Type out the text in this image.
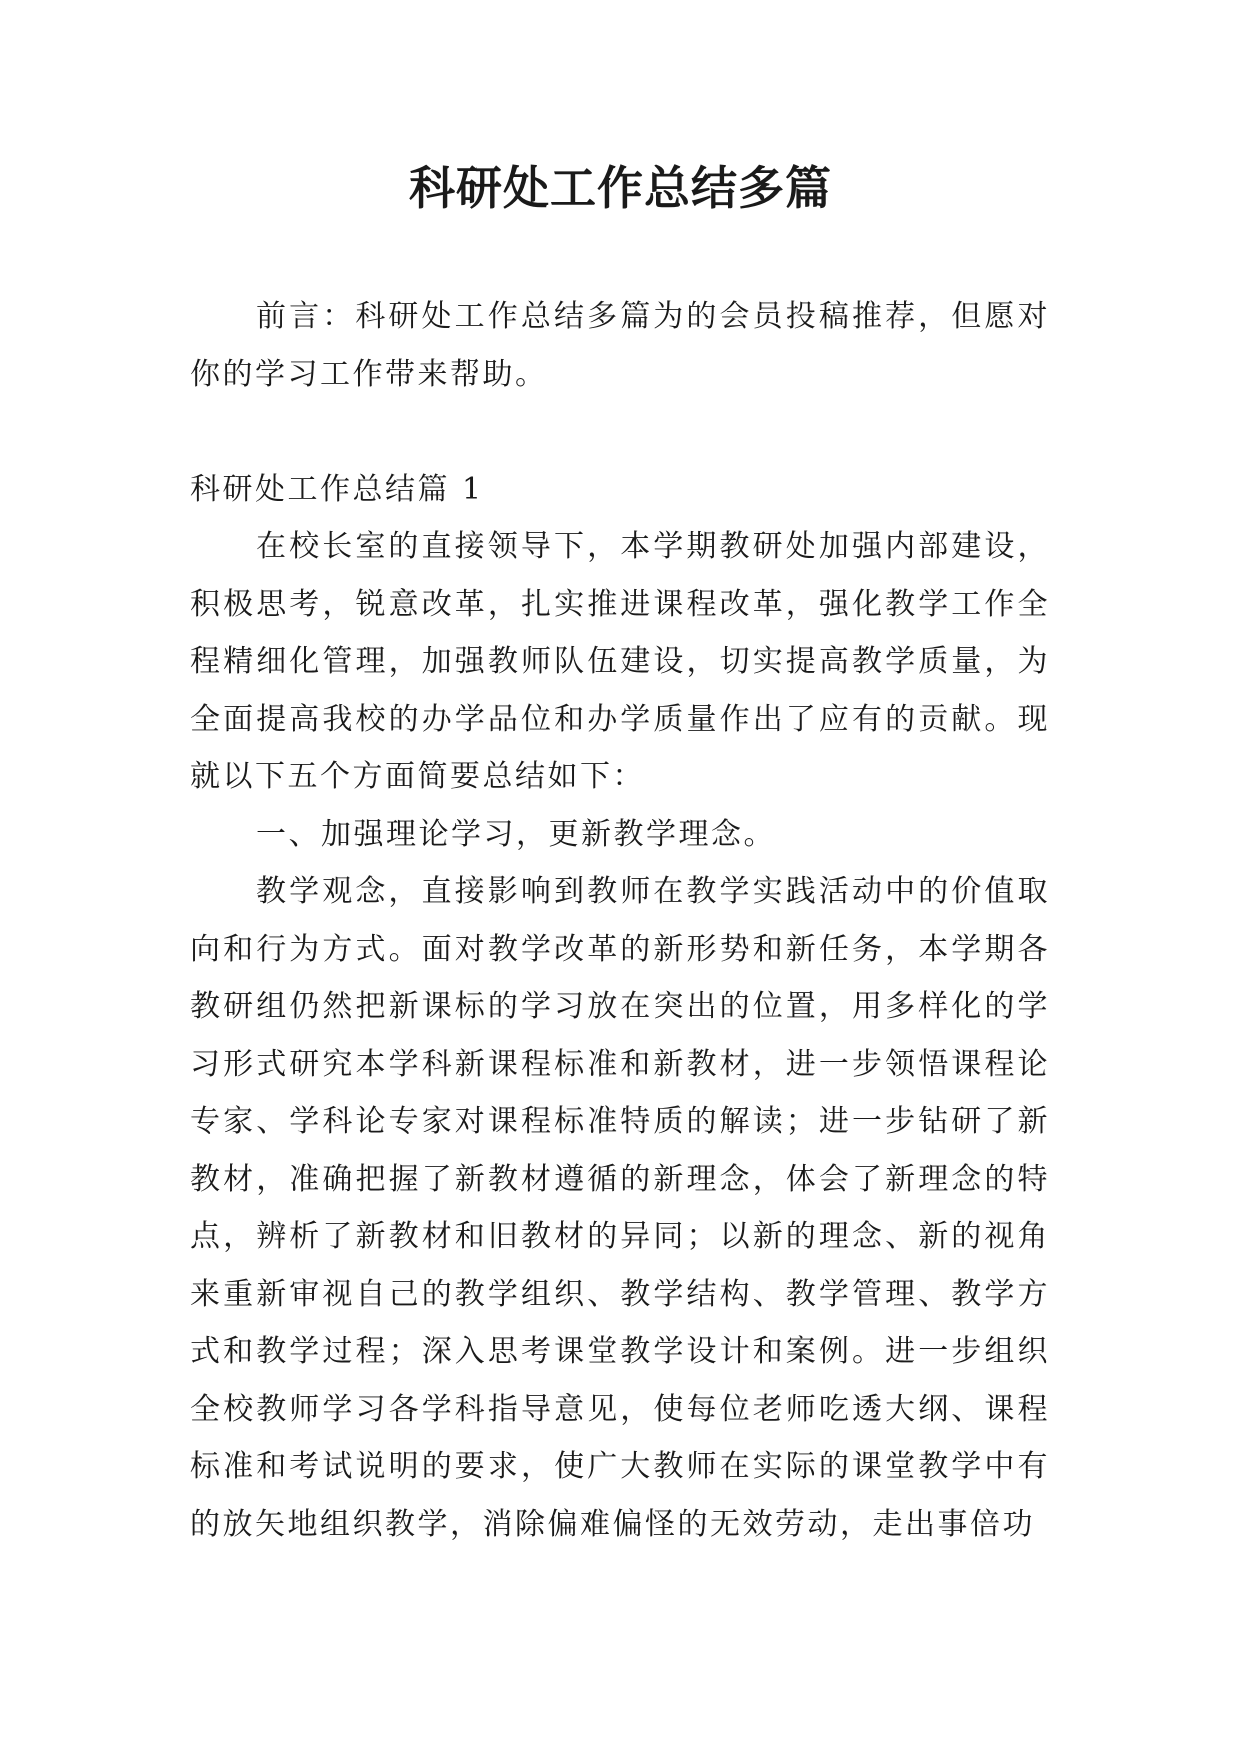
科研处工作总结多篇

前言：科研处工作总结多篇为的会员投稿推荐，但愿对你的学习工作带来帮助。

科研处工作总结篇 1

在校长室的直接领导下，本学期教研处加强内部建设，积极思考，锐意改革，扎实推进课程改革，强化教学工作全程精细化管理，加强教师队伍建设，切实提高教学质量，为全面提高我校的办学品位和办学质量作出了应有的贡献。现就以下五个方面简要总结如下：

一、加强理论学习，更新教学理念。

教学观念，直接影响到教师在教学实践活动中的价值取向和行为方式。面对教学改革的新形势和新任务，本学期各教研组仍然把新课标的学习放在突出的位置，用多样化的学习形式研究本学科新课程标准和新教材，进一步领悟课程论专家、学科论专家对课程标准特质的解读；进一步钻研了新教材，准确把握了新教材遵循的新理念，体会了新理念的特点，辨析了新教材和旧教材的异同；以新的理念、新的视角来重新审视自己的教学组织、教学结构、教学管理、教学方式和教学过程；深入思考课堂教学设计和案例。进一步组织全校教师学习各学科指导意见，使每位老师吃透大纲、课程标准和考试说明的要求，使广大教师在实际的课堂教学中有的放矢地组织教学，消除偏难偏怪的无效劳动，走出事倍功
